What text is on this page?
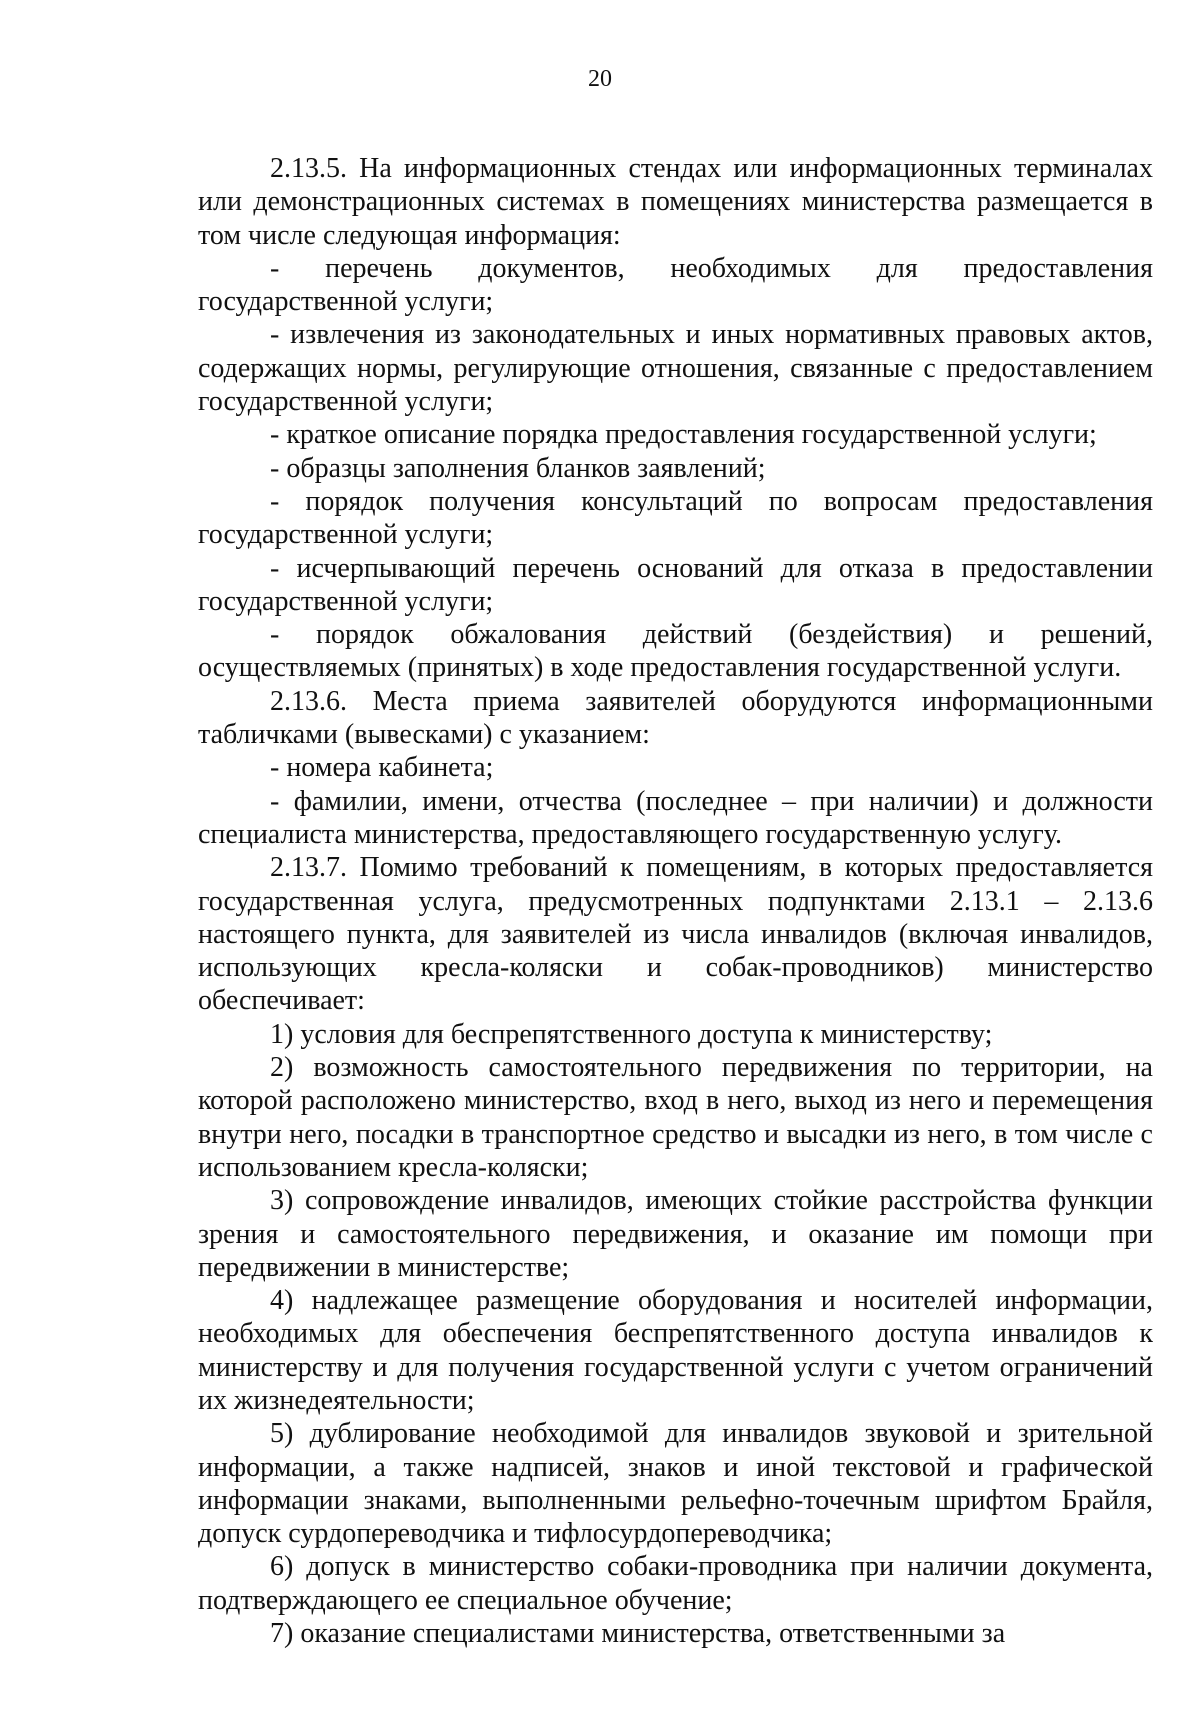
20

2.13.5. На информационных стендах или информационных терминалах или демонстрационных системах в помещениях министерства размещается в том числе следующая информация:

- перечень документов, необходимых для предоставления государственной услуги;

- извлечения из законодательных и иных нормативных правовых актов, содержащих нормы, регулирующие отношения, связанные с предоставлением государственной услуги;

- краткое описание порядка предоставления государственной услуги;

- образцы заполнения бланков заявлений;

- порядок получения консультаций по вопросам предоставления государственной услуги;

- исчерпывающий перечень оснований для отказа в предоставлении государственной услуги;

- порядок обжалования действий (бездействия) и решений, осуществляемых (принятых) в ходе предоставления государственной услуги.

2.13.6. Места приема заявителей оборудуются информационными табличками (вывесками) с указанием:

- номера кабинета;

- фамилии, имени, отчества (последнее – при наличии) и должности специалиста министерства, предоставляющего государственную услугу.

2.13.7. Помимо требований к помещениям, в которых предоставляется государственная услуга, предусмотренных подпунктами 2.13.1 – 2.13.6 настоящего пункта, для заявителей из числа инвалидов (включая инвалидов, использующих кресла-коляски и собак-проводников) министерство обеспечивает:

1) условия для беспрепятственного доступа к министерству;

2) возможность самостоятельного передвижения по территории, на которой расположено министерство, вход в него, выход из него и перемещения внутри него, посадки в транспортное средство и высадки из него, в том числе с использованием кресла-коляски;

3) сопровождение инвалидов, имеющих стойкие расстройства функции зрения и самостоятельного передвижения, и оказание им помощи при передвижении в министерстве;

4) надлежащее размещение оборудования и носителей информации, необходимых для обеспечения беспрепятственного доступа инвалидов к министерству и для получения государственной услуги с учетом ограничений их жизнедеятельности;

5) дублирование необходимой для инвалидов звуковой и зрительной информации, а также надписей, знаков и иной текстовой и графической информации знаками, выполненными рельефно-точечным шрифтом Брайля, допуск сурдопереводчика и тифлосурдопереводчика;

6) допуск в министерство собаки-проводника при наличии документа, подтверждающего ее специальное обучение;

7) оказание специалистами министерства, ответственными за
